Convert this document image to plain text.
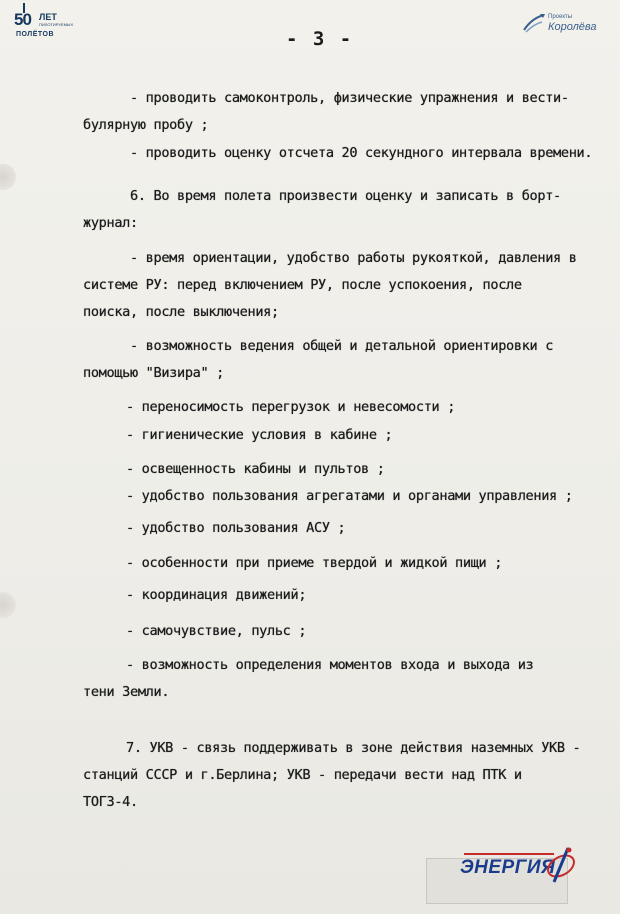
50 ЛЕТ
ПИЛОТИРУЕМЫХ
ПОЛЁТОВ
Проекты
Королёва
- 3 -
- проводить самоконтроль, физические упражнения и вести-
булярную пробу ;
- проводить оценку отсчета 20 секундного интервала времени.
6. Во время полета произвести оценку и записать в борт-
журнал:
- время ориентации, удобство работы рукояткой, давления в
системе РУ: перед включением РУ, после успокоения, после
поиска, после выключения;
- возможность ведения общей и детальной ориентировки с
помощью "Визира" ;
- переносимость перегрузок и невесомости ;
- гигиенические условия в кабине ;
- освещенность кабины и пультов ;
- удобство пользования агрегатами и органами управления ;
- удобство пользования АСУ ;
- особенности при приеме твердой и жидкой пищи ;
- координация движений;
- самочувствие, пульс ;
- возможность определения моментов входа и выхода из
тени Земли.
7. УКВ - связь поддерживать в зоне действия наземных УКВ -
станций СССР и г.Берлина; УКВ - передачи вести над ПТК и
ТОГЗ-4.
ЭНЕРГИЯ
